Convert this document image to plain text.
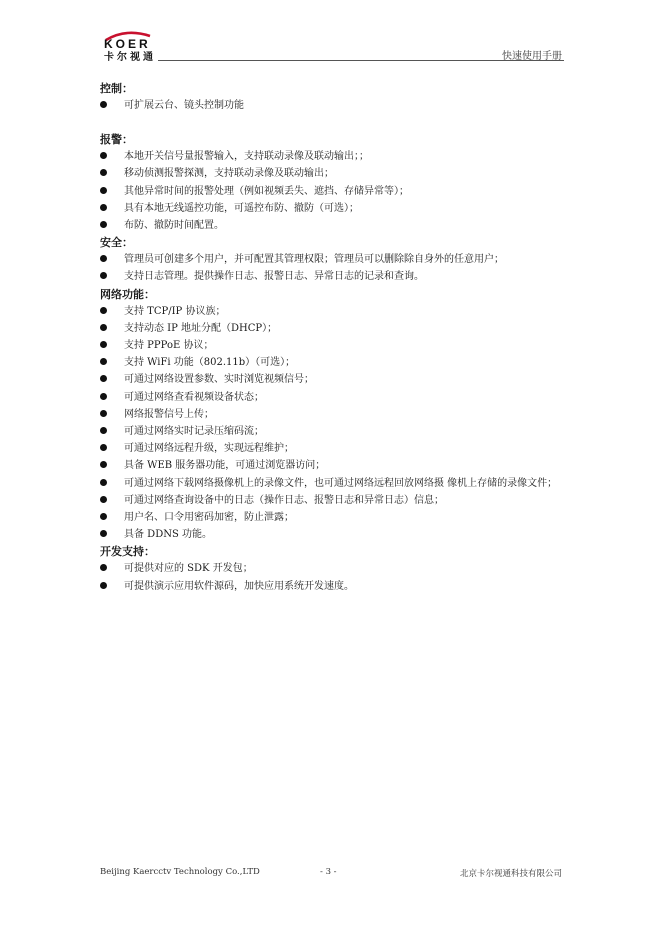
KOER
卡尔视通	快速使用手册

控制：

可扩展云台、镜头控制功能

报警：

本地开关信号量报警输入，支持联动录像及联动输出；；
移动侦测报警探测，支持联动录像及联动输出；
其他异常时间的报警处理（例如视频丢失、遮挡、存储异常等）；
具有本地无线遥控功能，可遥控布防、撤防（可选）；
布防、撤防时间配置。

安全：

管理员可创建多个用户，并可配置其管理权限；管理员可以删除除自身外的任意用户；
支持日志管理。提供操作日志、报警日志、异常日志的记录和查询。

网络功能：

支持 TCP/IP 协议族；
支持动态 IP 地址分配（DHCP）；
支持 PPPoE 协议；
支持 WiFi 功能（802.11b）（可选）；
可通过网络设置参数、实时浏览视频信号；
可通过网络查看视频设备状态；
网络报警信号上传；
可通过网络实时记录压缩码流；
可通过网络远程升级，实现远程维护；
具备 WEB 服务器功能，可通过浏览器访问；
可通过网络下载网络摄像机上的录像文件，也可通过网络远程回放网络摄 像机上存储的录像文件；
可通过网络查询设备中的日志（操作日志、报警日志和异常日志）信息；
用户名、口令用密码加密，防止泄露；
具备 DDNS 功能。

开发支持：

可提供对应的 SDK 开发包；
可提供演示应用软件源码，加快应用系统开发速度。
Beijing Kaercctv Technology Co.,LTD	- 3 -	北京卡尔视通科技有限公司
